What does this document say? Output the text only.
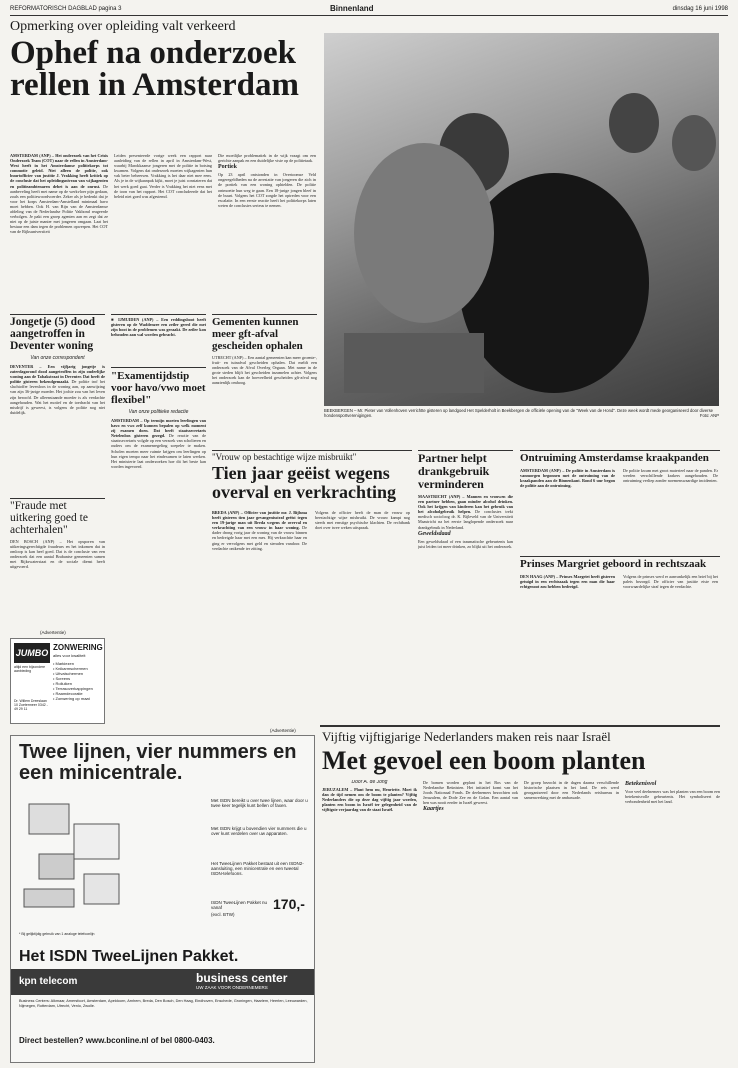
REFORMATORISCH DAGBLAD pagina 3	Binnenland	dinsdag 16 juni 1998
Opmerking over opleiding valt verkeerd
Ophef na onderzoek rellen in Amsterdam
AMSTERDAM (ANP) – Het onderzoek van het Crisis Onderzoek Team (COT) naar de rellen in Amsterdam-West heeft in het Amsterdamse politiekorps tot commotie geleid. Niet alleen de politie, ook buurtofficier van justitie J. Vrakking heeft kritiek op de conclusie dat het opleidingsniveau van wijkagenten en politieambtenaren debet is aan de onrust. De aanbeveling heeft met name op de werkvloer pijn gedaan, zoals een politiewoordvoerder. Zeker als je bedenkt dat je voor het korps Amsterdam-Amstelland minimaal havo moet hebben. Ook H. van Rijn van de Amsterdamse afdeling van de Nederlandse Politie Vakbond reageerde verbolgen. Je pakt een groep agenten aan en zegt dat ze niet op de juiste manier met jongeren omgaan. Laat het bestuur een dam tegen de problemen opwerpen. Het COT van de Rijksuniversiteit
Leiden presenteerde vorige week een rapport naar aanleiding van de rellen in april in Amsterdam-West, waarbij Marokkaanse jongeren met de politie in botsing kwamen. Volgens dat onderzoek moeten wijkagenten hun vak beter beheersen. Vrakking is het daar niet mee eens. Als je in de wijkaanpak kijkt, moet je juist constateren dat het werk goed gaat. Verder is Vrakking het niet eens met de toon van het rapport. Het COT concludeerde dat het beleid niet goed was afgestemd.
Die moeilijke problematiek in de wijk vraagt om een gerichte aanpak en een duidelijke visie op de politietaak.
Portiek
Op 23 april ontstonden in Overtoomse Veld ongeregeldheden na de arrestatie van jongeren die zich in de portiek van een woning ophielden. De politie ontmoette hun weg te gaan. Een 18-jarige jongen bleef in de buurt. Volgens het COT zorgde het optreden voor een escalatie. In een eerste reactie heeft het politiekorps laten weten de conclusies serieus te nemen.
BEEKBERGEN – Mr. Pieter van Vollenhoven verrichtte gisteren op landgoed Het Spelderholt in Beekbergen de officiële opening van de "Week van de Hond". Deze week wordt mede georganiseerd door diverse hondensportverenigingen.	Foto: ANP
Jongetje (5) dood aangetroffen in Deventer woning
Van onze correspondent
DEVENTER – Een vijfjarig jongetje is zaterdagavond dood aangetroffen in zijn ouderlijke woning aan de Tabakstraat in Deventer. Dat heeft de politie gisteren bekendgemaakt. De politie trof het slachtoffer levenloos in de woning aan, op aanwijzing van zijn 36-jarige moeder. Het jochie zou van het leven zijn beroofd. De alleenstaande moeder is als verdachte aangehouden. Wat het motief en de toedracht van het misdrijf is geweest, is volgens de politie nog niet duidelijk.
"Fraude met uitkering goed te achterhalen"
DEN BOSCH (ANP) – Het opsporen van uitkeringsgerechtigde fraudeurs en het inkomen dat in omloop is kan heel goed. Dat is de conclusie van een onderzoek dat een aantal Brabantse gemeenten samen met Rijkswaterstaat en de sociale dienst heeft uitgevoerd.
(Advertentie)
JUMBO
altijd een bijzondere aanbieding
ZONWERING
alles voor kwaliteit
• Markiezen
• Knikarmschermen
• Uitvalschermen
• Screens
• Rolluiken
• Terrasoverkappingen
• Raamdecoratie
• Zonwering op maat
Dr. Willem Dreeslaan 10 Zoetermeer 0342 - 49 29 11
■ IJMUIDEN (ANP) – Een reddingsboot heeft gisteren op de Waddenzee een zeiler gered die met zijn boot in de problemen was geraakt. De zeiler kon behouden aan wal worden gebracht.
"Examentijdstip voor havo/vwo moet flexibel"
Van onze politieke redactie
AMSTERDAM – Op termijn moeten leerlingen van havo en vwo zelf kunnen bepalen op welk moment zij examen doen. Dat heeft staatssecretaris Netelenbos gisteren gezegd. De reactie van de staatssecretaris volgde op een verzoek van scholieren en ouders om de examenregeling soepeler te maken. Scholen moeten meer ruimte krijgen om leerlingen op hun eigen tempo naar het eindexamen te laten werken. Het ministerie laat onderzoeken hoe dit het beste kan worden ingevoerd.
Gementen kunnen meer gft-afval gescheiden ophalen
UTRECHT (ANP) – Een aantal gemeenten kan meer groente-, fruit- en tuinafval gescheiden ophalen. Dat meldt een onderzoek van de Afval Overleg Orgaan. Met name in de grote steden blijft het gescheiden inzamelen achter. Volgens het onderzoek kan de hoeveelheid gescheiden gft-afval nog aanzienlijk omhoog.
"Vrouw op bestachtige wijze misbruikt"
Tien jaar geëist wegens overval en verkrachting
BREDA (ANP) – Officier van justitie mr. J. Bijlsma heeft gisteren tien jaar gevangenisstraf geëist tegen een 19-jarige man uit Breda wegens de overval en verkrachting van een vrouw in haar woning. De dader drong vorig jaar de woning van de vrouw binnen en bedreigde haar met een mes. Hij verkrachtte haar en ging er vervolgens met geld en sieraden vandoor. De verdachte ontkende ter zitting.
Volgens de officier heeft de man de vrouw op beestachtige wijze misbruikt. De vrouw kampt nog steeds met ernstige psychische klachten. De rechtbank doet over twee weken uitspraak.
Partner helpt drankgebruik verminderen
MAASTRICHT (ANP) – Mannen en vrouwen die een partner hebben, gaan minder alcohol drinken. Ook het krijgen van kinderen kan het gebruik van het alcoholgebruik helpen. De conclusies trekt medisch socioloog dr. K. Bijleveld van de Universiteit Maastricht na het eerste langlopende onderzoek naar drankgebruik in Nederland.
Geweldsdaad
Een geweldsdaad of een traumatische gebeurtenis kan juist leiden tot meer drinken, zo blijkt uit het onderzoek.
Ontruiming Amsterdamse kraakpanden
AMSTERDAM (ANP) – De politie in Amsterdam is vanmorgen begonnen met de ontruiming van de kraakpanden aan de Binnenkant. Rond 6 uur begon de politie aan de ontruiming.
De politie kwam met groot materieel naar de panden. Er werden verschillende krakers aangehouden. De ontruiming verliep zonder noemenswaardige incidenten.
Prinses Margriet geboord in rechtszaak
DEN HAAG (ANP) – Prinses Margriet heeft gisteren getuigd in een rechtszaak tegen een man die haar echtgenoot zou hebben bedreigd.
Volgens de prinses werd er aanvankelijk een brief bij het paleis bezorgd. De officier van justitie eiste een voorwaardelijke straf tegen de verdachte.
(Advertentie)
Twee lijnen, vier nummers en een minicentrale.
Met ISDN bereikt u over twee lijnen, waar door u twee keer tegelijk kunt bellen of faxen.
Met ISDN krijgt u bovendien vier nummers die u over kunt verdelen over uw apparaten.
Het TweeLijnen Pakket bestaat uit een ISDN2-aansluiting, een minicentrale en een tweetal ISDN-telefoons.
ISDN TweeLijnen Pakket nu vanaf	170,-
(excl. BTW)
* Bij gelijktijdig gebruik van 1 analoge telefoonlijn
Het ISDN TweeLijnen Pakket.
kpn telecom	business center
UW ZAAK VOOR ONDERNEMERS
Business Centers: Alkmaar, Amersfoort, Amsterdam, Apeldoorn, Arnhem, Breda, Den Bosch, Den Haag, Eindhoven, Enschede, Groningen, Haarlem, Heerlen, Leeuwarden, Nijmegen, Rotterdam, Utrecht, Venlo, Zwolle.
Direct bestellen? www.bconline.nl of bel 0800-0403.
Vijftig vijftigjarige Nederlanders maken reis naar Israël
Met gevoel een boom planten
Door A. de Jong
JERUZALEM – Plant hem nu, Henriette. Moet ik dan de tijd nemen om de boom te planten? Vijftig Nederlanders die op deze dag vijftig jaar worden, planten een boom in Israël ter gelegenheid van de vijftigste verjaardag van de staat Israël.
De bomen worden geplant in het Bos van de Nederlandse Reünisten. Het initiatief komt van het Joods Nationaal Fonds. De deelnemers bezochten ook Jeruzalem, de Dode Zee en de Golan. Een aantal van hen was nooit eerder in Israël geweest.
Kaartjes
De groep bezocht in de dagen daarna verschillende historische plaatsen in het land. De reis werd georganiseerd door een Nederlands reisbureau in samenwerking met de ambassade.
Betekenisvol
Voor veel deelnemers was het planten van een boom een betekenisvolle gebeurtenis. Het symboliseert de verbondenheid met het land.
